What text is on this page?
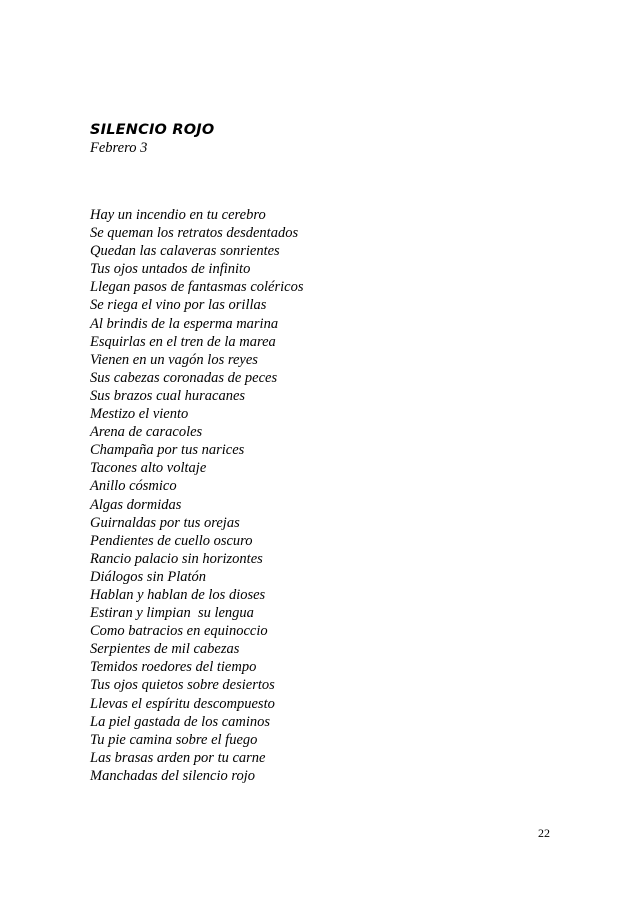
SILENCIO ROJO

Febrero 3

Hay un incendio en tu cerebro
Se queman los retratos desdentados
Quedan las calaveras sonrientes
Tus ojos untados de infinito
Llegan pasos de fantasmas coléricos
Se riega el vino por las orillas
Al brindis de la esperma marina
Esquirlas en el tren de la marea
Vienen en un vagón los reyes
Sus cabezas coronadas de peces
Sus brazos cual huracanes
Mestizo el viento
Arena de caracoles
Champaña por tus narices
Tacones alto voltaje
Anillo cósmico
Algas dormidas
Guirnaldas por tus orejas
Pendientes de cuello oscuro
Rancio palacio sin horizontes
Diálogos sin Platón
Hablan y hablan de los dioses
Estiran y limpian  su lengua
Como batracios en equinoccio
Serpientes de mil cabezas
Temidos roedores del tiempo
Tus ojos quietos sobre desiertos
Llevas el espíritu descompuesto
La piel gastada de los caminos
Tu pie camina sobre el fuego
Las brasas arden por tu carne
Manchadas del silencio rojo

22
